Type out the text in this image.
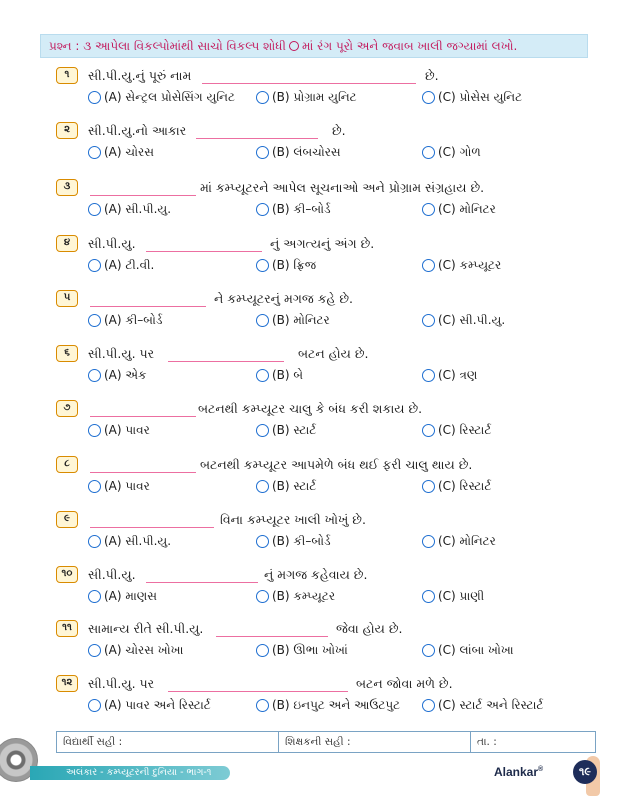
પ્રશ્ન : ૩ આપેલા વિકલ્પોમાંથી સાચો વિકલ્પ શોધી માં રંગ પૂરો અને જવાબ ખાલી જગ્યામાં લખો.
૧	સી.પી.યુ.નું પૂરું નામ	છે.
(A) સેન્ટ્રલ પ્રોસેસિંગ યુનિટ	(B) પ્રોગ્રામ યુનિટ	(C) પ્રોસેસ યુનિટ
૨	સી.પી.યુ.નો આકાર	છે.
(A) ચોરસ	(B) લંબચોરસ	(C) ગોળ
૩	માં કમ્પ્યૂટરને આપેલ સૂચનાઓ અને પ્રોગ્રામ સંગ્રહાય છે.
(A) સી.પી.યુ.	(B) કી–બોર્ડ	(C) મોનિટર
૪	સી.પી.યુ.	નું અગત્યનું અંગ છે.
(A) ટી.વી.	(B) ફ્રિજ	(C) કમ્પ્યૂટર
૫	ને કમ્પ્યૂટરનું મગજ કહે છે.
(A) કી–બોર્ડ	(B) મોનિટર	(C) સી.પી.યુ.
૬	સી.પી.યુ. પર	બટન હોય છે.
(A) એક	(B) બે	(C) ત્રણ
૭	બટનથી કમ્પ્યૂટર ચાલુ કે બંધ કરી શકાય છે.
(A) પાવર	(B) સ્ટાર્ટ	(C) રિસ્ટાર્ટ
૮	બટનથી કમ્પ્યૂટર આપમેળે બંધ થઈ ફરી ચાલુ થાય છે.
(A) પાવર	(B) સ્ટાર્ટ	(C) રિસ્ટાર્ટ
૯	વિના કમ્પ્યૂટર ખાલી ખોખું છે.
(A) સી.પી.યુ.	(B) કી–બોર્ડ	(C) મોનિટર
૧૦	સી.પી.યુ.	નું મગજ કહેવાય છે.
(A) માણસ	(B) કમ્પ્યૂટર	(C) પ્રાણી
૧૧	સામાન્ય રીતે સી.પી.યુ.	જેવા હોય છે.
(A) ચોરસ ખોખા	(B) ઊભા ખોખાં	(C) લાંબા ખોખા
૧૨	સી.પી.યુ. પર	બટન જોવા મળે છે.
(A) પાવર અને રિસ્ટાર્ટ	(B) ઇનપુટ અને આઉટપુટ	(C) સ્ટાર્ટ અને રિસ્ટાર્ટ
વિદ્યાર્થી સહી :	શિક્ષકની સહી :	તા. :
અલંકાર - કમ્પ્યૂટરની દુનિયા - ભાગ-૧	Alankar®	૧૯
